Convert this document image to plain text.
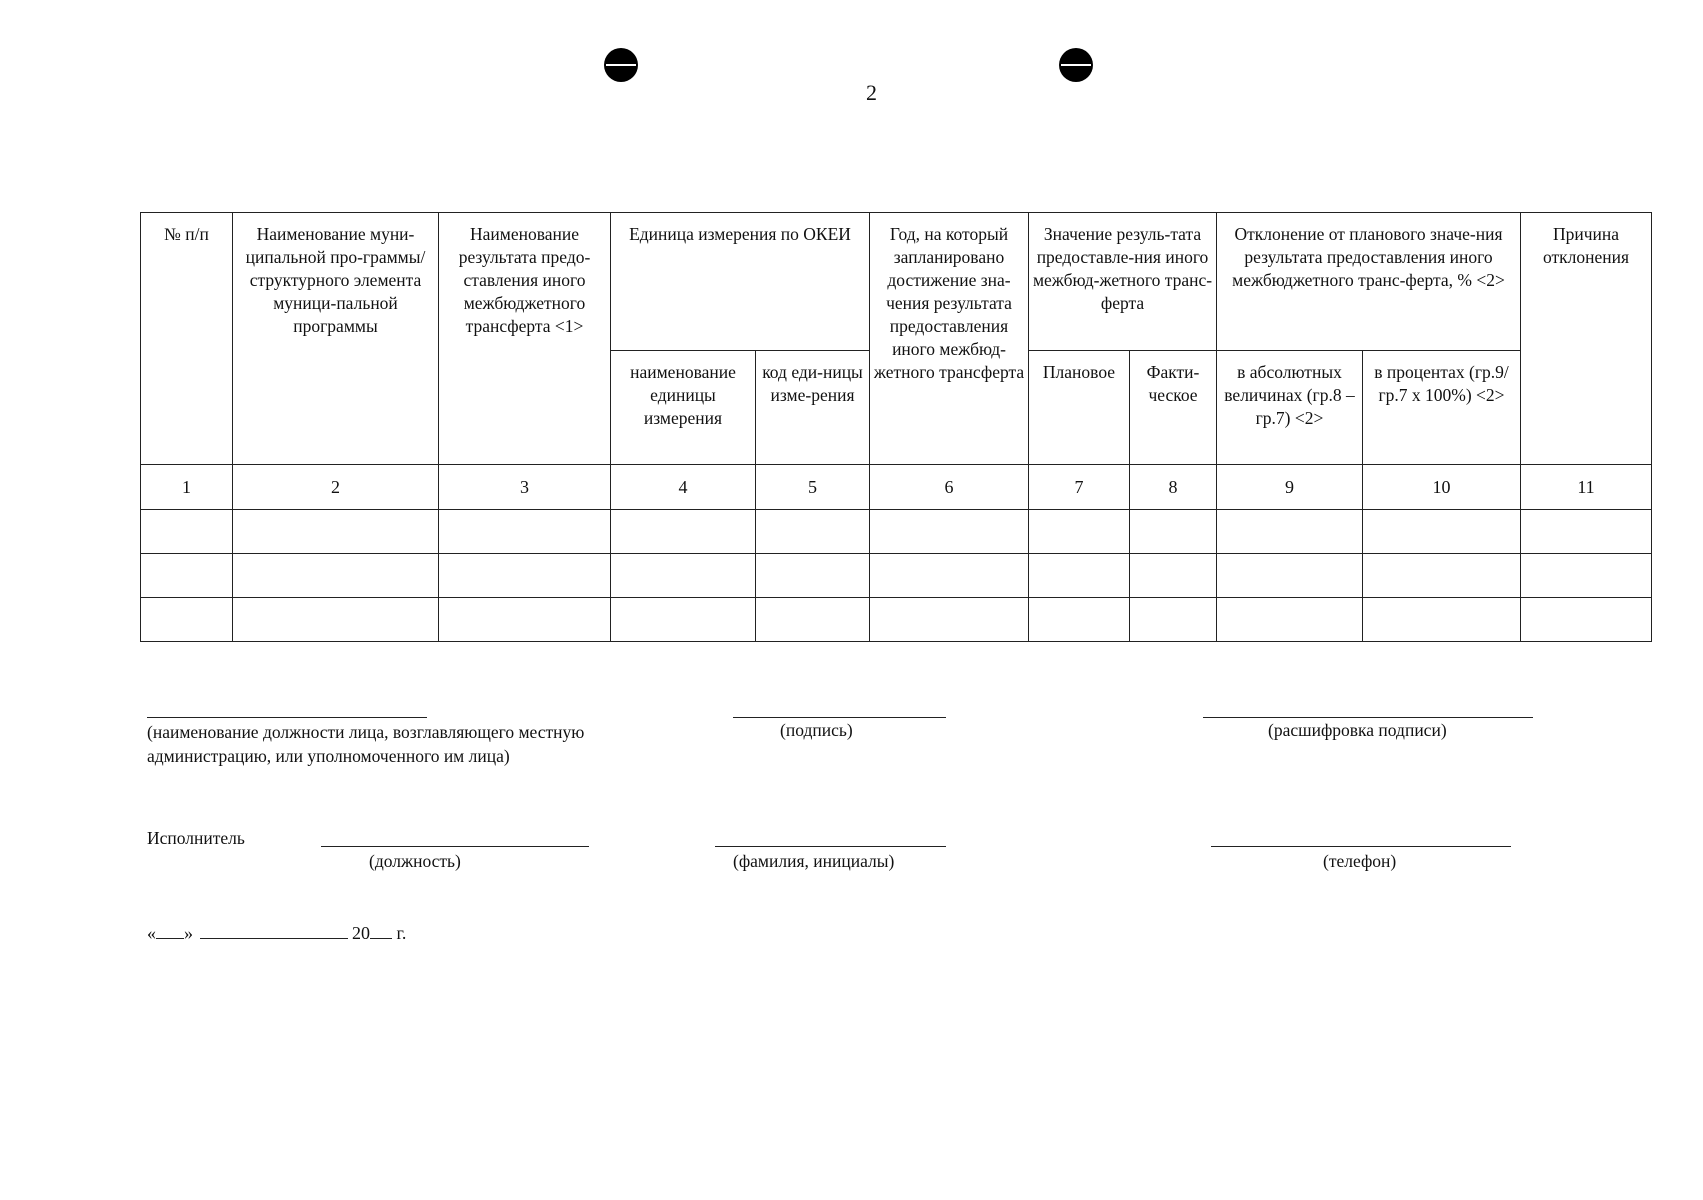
2
№ п/п	Наименование муни-ципальной про-граммы/структурного элемента муници-пальной программы	Наименование результата предо-ставления иного межбюджетного трансферта <1>	Единица измерения по ОКЕИ		Год, на который запланировано достижение зна-чения результата предоставления иного межбюд-жетного трансферта	Значение резуль-тата предоставле-ния иного межбюд-жетного транс-ферта		Отклонение от планового значе-ния результата предоставления иного межбюджетного транс-ферта, % <2>		Причина отклонения
			наименование единицы измерения	код еди-ницы изме-рения		Плановое	Факти-ческое	в абсолютных величинах (гр.8 – гр.7) <2>	в процентах (гр.9/ гр.7 x 100%) <2>	
1	2	3	4	5	6	7	8	9	10	11

(наименование должности лица, возглавляющего местную администрацию, или уполномоченного им лица)
(подпись)	(расшифровка подписи)
Исполнитель
(должность)	(фамилия, инициалы)	(телефон)
« »	20 г.
